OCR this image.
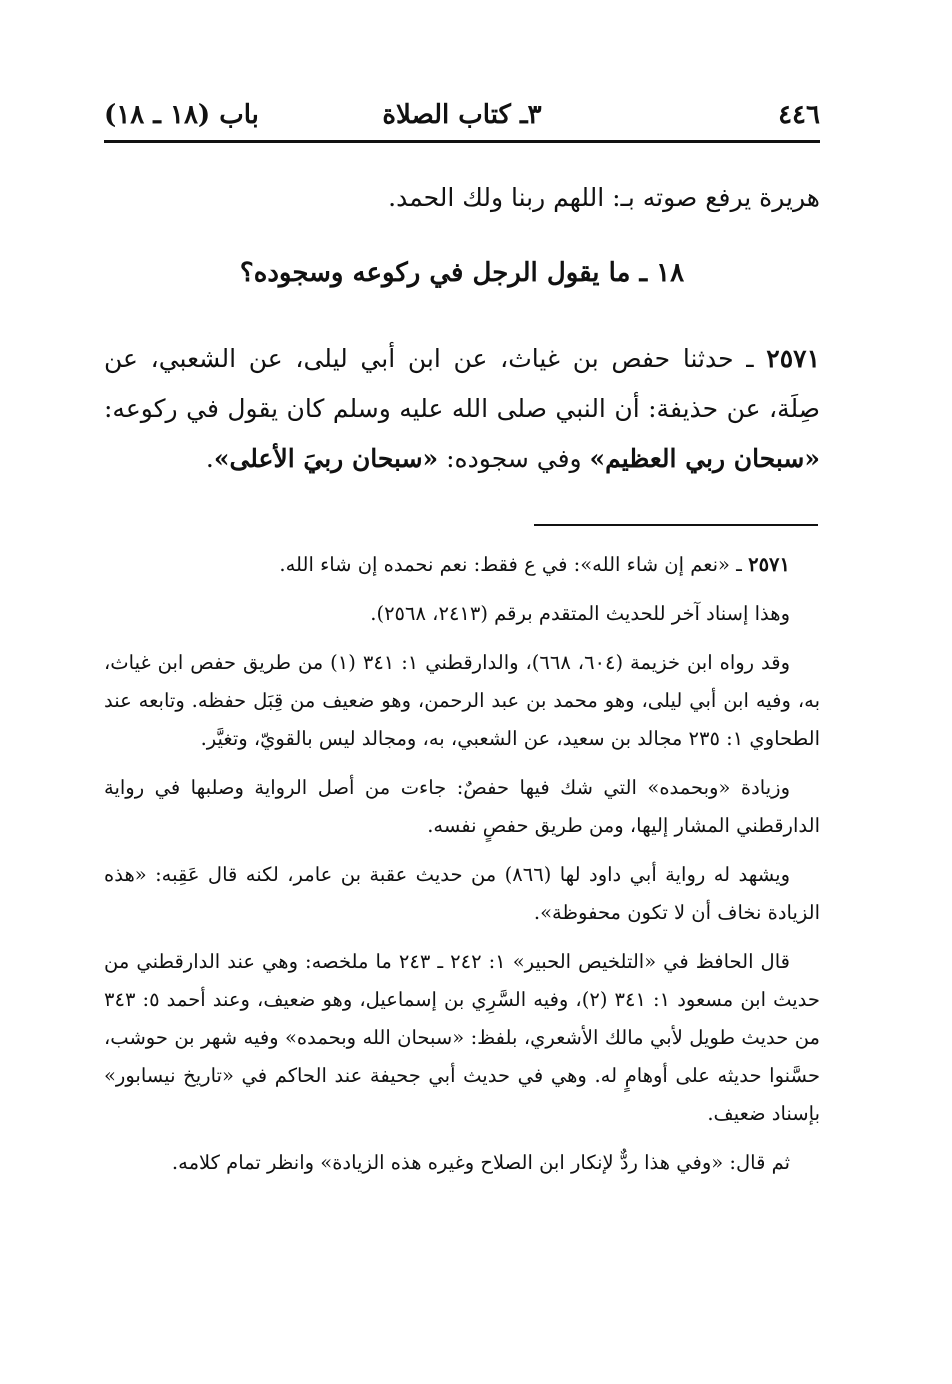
٤٤٦
٣ـ كتاب الصلاة
باب (١٨ ـ ١٨)
هريرة يرفع صوته بـ: اللهم ربنا ولك الحمد.
١٨ ـ ما يقول الرجل في ركوعه وسجوده؟
٢٥٧١ ـ حدثنا حفص بن غياث، عن ابن أبي ليلى، عن الشعبي، عن صِلَة، عن حذيفة: أن النبي صلى الله عليه وسلم كان يقول في ركوعه: «سبحان ربي العظيم» وفي سجوده: «سبحان ربيَ الأعلى».

٢٥٧١ ـ «نعم إن شاء الله»: في ع فقط: نعم نحمده إن شاء الله.

وهذا إسناد آخر للحديث المتقدم برقم (٢٤١٣، ٢٥٦٨).

وقد رواه ابن خزيمة (٦٠٤، ٦٦٨)، والدارقطني ١: ٣٤١ (١) من طريق حفص ابن غياث، به، وفيه ابن أبي ليلى، وهو محمد بن عبد الرحمن، وهو ضعيف من قِبَل حفظه. وتابعه عند الطحاوي ١: ٢٣٥ مجالد بن سعيد، عن الشعبي، به، ومجالد ليس بالقويّ، وتغيَّر.

وزيادة «وبحمده» التي شك فيها حفصٌ: جاءت من أصل الرواية وصلبها في رواية الدارقطني المشار إليها، ومن طريق حفصٍ نفسه.

ويشهد له رواية أبي داود لها (٨٦٦) من حديث عقبة بن عامر، لكنه قال عَقِبه: «هذه الزيادة نخاف أن لا تكون محفوظة».

قال الحافظ في «التلخيص الحبير» ١: ٢٤٢ ـ ٢٤٣ ما ملخصه: وهي عند الدارقطني من حديث ابن مسعود ١: ٣٤١ (٢)، وفيه السَّرِي بن إسماعيل، وهو ضعيف، وعند أحمد ٥: ٣٤٣ من حديث طويل لأبي مالك الأشعري، بلفظ: «سبحان الله وبحمده» وفيه شهر بن حوشب، حسَّنوا حديثه على أوهامٍ له. وهي في حديث أبي جحيفة عند الحاكم في «تاريخ نيسابور» بإسناد ضعيف.

ثم قال: «وفي هذا ردٌّ لإنكار ابن الصلاح وغيره هذه الزيادة» وانظر تمام كلامه.
